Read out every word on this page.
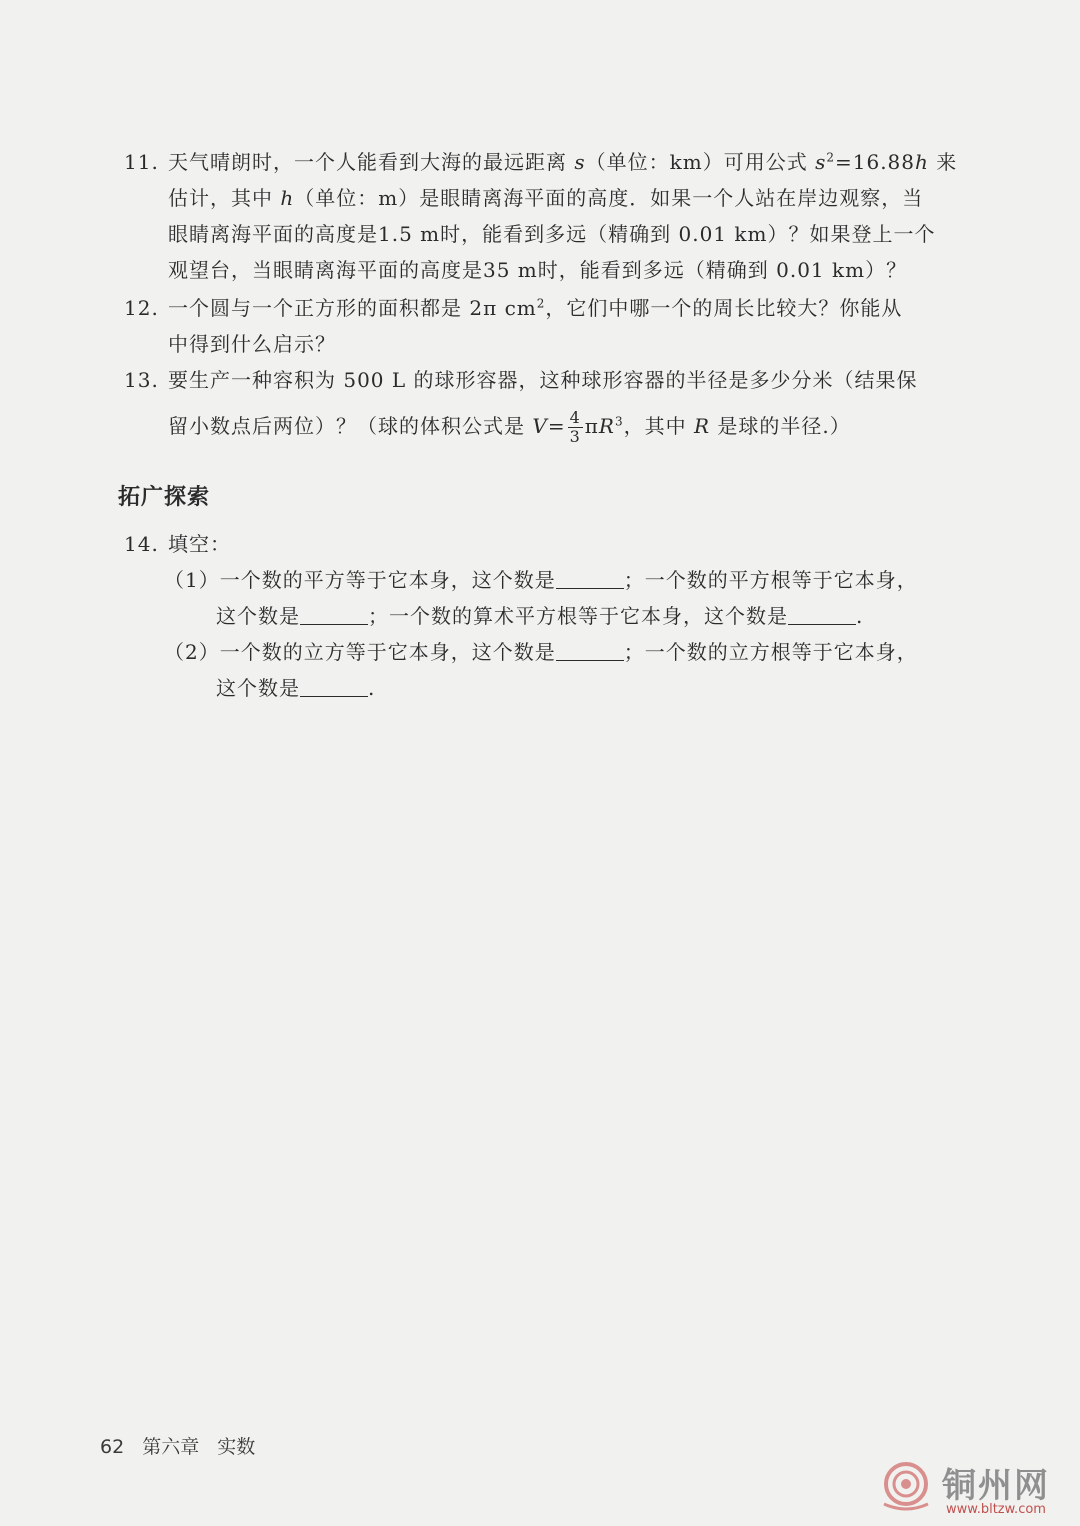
11. 天气晴朗时，一个人能看到大海的最远距离 s（单位：km）可用公式 $s^2=16.88h$ 来
估计，其中 h（单位：m）是眼睛离海平面的高度．如果一个人站在岸边观察，当
眼睛离海平面的高度是1.5 m时，能看到多远（精确到 0.01 km）？如果登上一个
观望台，当眼睛离海平面的高度是35 m时，能看到多远（精确到 0.01 km）？
12. 一个圆与一个正方形的面积都是 2π $cm^2$，它们中哪一个的周长比较大？你能从
中得到什么启示？
13. 要生产一种容积为 500 L 的球形容器，这种球形容器的半径是多少分米（结果保
留小数点后两位）？（球的体积公式是 $V= \frac{4}{3} \pi R^3$，其中 R 是球的半径.）
拓广探索
14. 填空：
（1）一个数的平方等于它本身，这个数是	；一个数的平方根等于它本身，
这个数是	；一个数的算术平方根等于它本身，这个数是	.
（2）一个数的立方等于它本身，这个数是	；一个数的立方根等于它本身，
这个数是	.
62 第六章 实数
铜州网
www.bltzw.com
